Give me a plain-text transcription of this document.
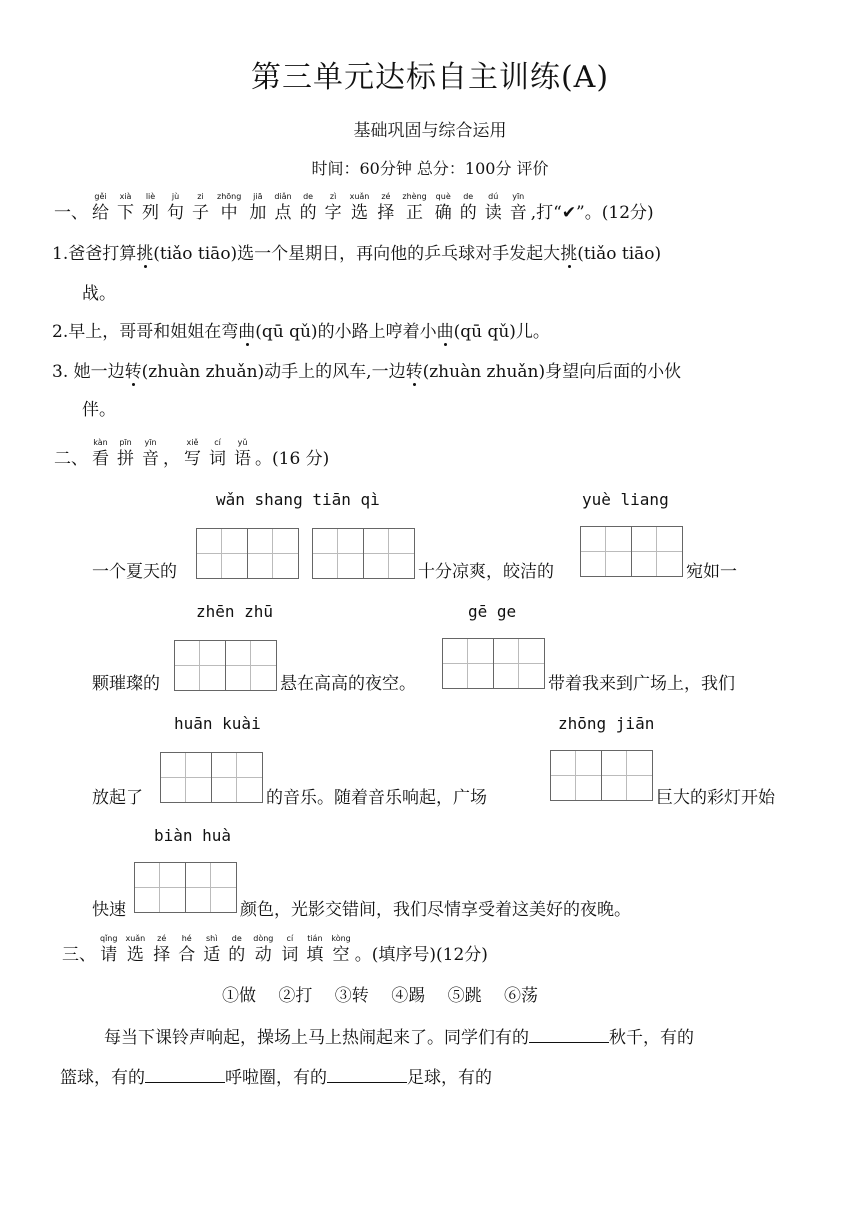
第三单元达标自主训练(A)
基础巩固与综合运用
时间：60分钟 总分：100分 评价
一、
gěi
给
xià
下
liè
列
jù
句
zi
子
zhōng
中
jiā
加
diǎn
点
de
的
zì
字
xuǎn
选
zé
择
zhèng
正
què
确
de
的
dú
读
yīn
音 ,打“✔”。(12分)
1.爸爸打算挑(tiǎo tiāo)选一个星期日，再向他的乒乓球对手发起大挑(tiǎo tiāo)
战。
2.早上，哥哥和姐姐在弯曲(qū qǔ)的小路上哼着小曲(qū qǔ)儿。
3. 她一边转(zhuàn zhuǎn)动手上的风车,一边转(zhuàn zhuǎn)身望向后面的小伙
伴。
二、
kàn
看
pīn
拼
yīn
音 ，
xiě
写
cí
词
yǔ
语 。(16 分)
wǎn shang tiān qì	yuè liang
一个夏天的	十分凉爽，皎洁的	宛如一
zhēn zhū	gē ge
颗璀璨的	悬在高高的夜空。	带着我来到广场上，我们
huān kuài	zhōng jiān
放起了	的音乐。随着音乐响起，广场	巨大的彩灯开始
biàn huà
快速	颜色，光影交错间，我们尽情享受着这美好的夜晚。
三、
qǐng
请
xuǎn
选
zé
择
hé
合
shì
适
de
的
dòng
动
cí
词
tián
填
kòng
空 。(填序号)(12分)
①做　 ②打　 ③转　 ④踢　 ⑤跳　 ⑥荡
每当下课铃声响起，操场上马上热闹起来了。同学们有的	秋千，有的
篮球，有的	呼啦圈，有的	足球，有的
